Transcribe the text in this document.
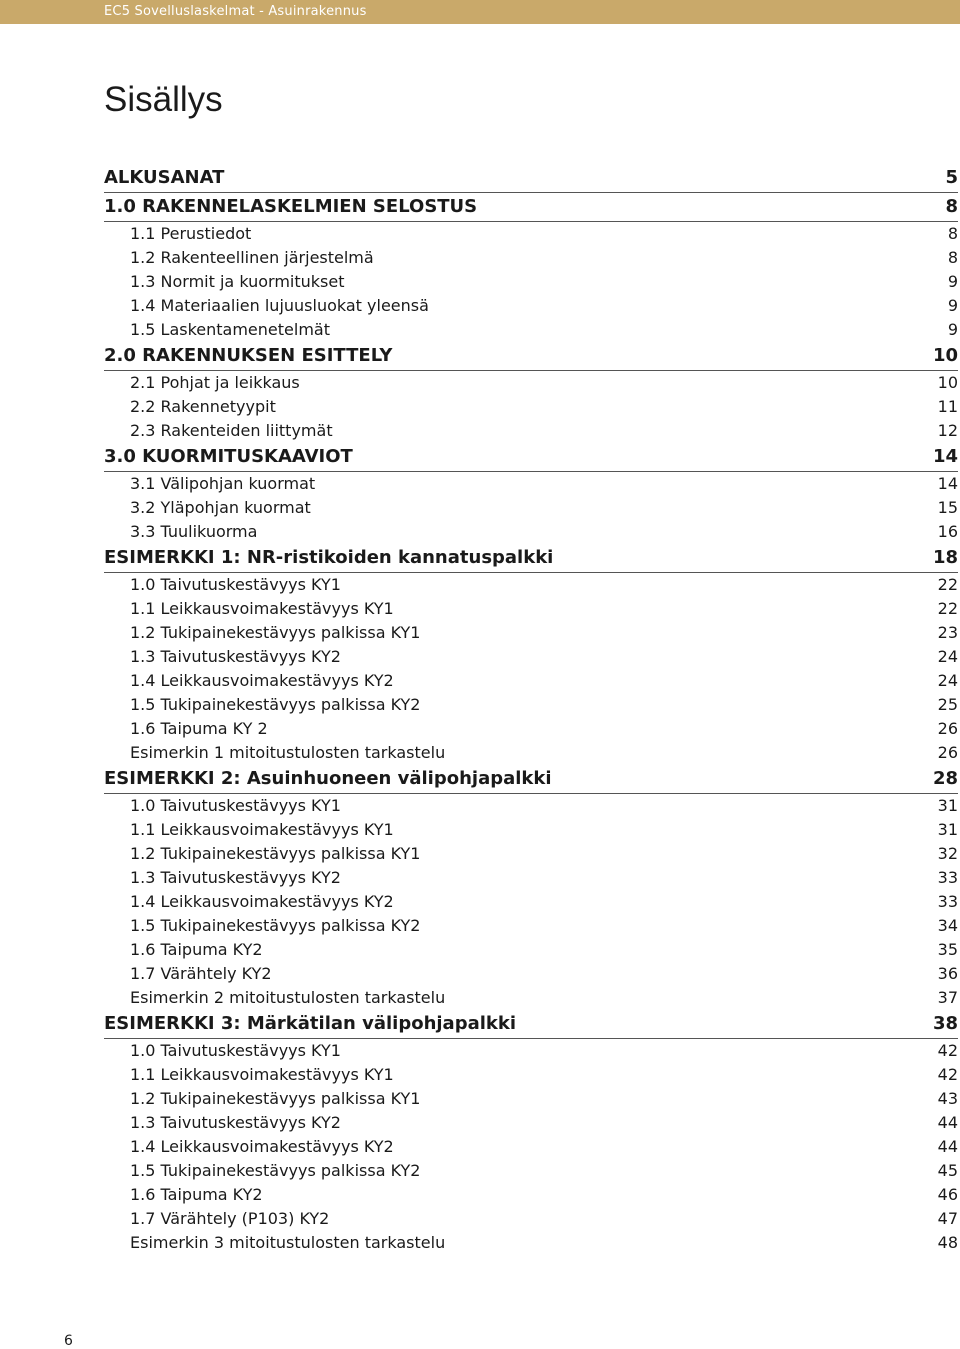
EC5 Sovelluslaskelmat - Asuinrakennus
Sisällys
ALKUSANAT	5
1.0 RAKENNELASKELMIEN SELOSTUS	8
1.1 Perustiedot	8
1.2 Rakenteellinen järjestelmä	8
1.3 Normit ja kuormitukset	9
1.4 Materiaalien lujuusluokat yleensä	9
1.5 Laskentamenetelmät	9
2.0 RAKENNUKSEN ESITTELY	10
2.1 Pohjat ja leikkaus	10
2.2 Rakennetyypit	11
2.3 Rakenteiden liittymät	12
3.0 KUORMITUSKAAVIOT	14
3.1 Välipohjan kuormat	14
3.2 Yläpohjan kuormat	15
3.3 Tuulikuorma	16
ESIMERKKI 1: NR-ristikoiden kannatuspalkki	18
1.0 Taivutuskestävyys KY1	22
1.1 Leikkausvoimakestävyys KY1	22
1.2 Tukipainekestävyys palkissa KY1	23
1.3 Taivutuskestävyys KY2	24
1.4 Leikkausvoimakestävyys KY2	24
1.5 Tukipainekestävyys palkissa KY2	25
1.6 Taipuma KY 2	26
Esimerkin 1 mitoitustulosten tarkastelu	26
ESIMERKKI 2: Asuinhuoneen välipohjapalkki	28
1.0 Taivutuskestävyys KY1	31
1.1 Leikkausvoimakestävyys KY1	31
1.2 Tukipainekestävyys palkissa KY1	32
1.3 Taivutuskestävyys KY2	33
1.4 Leikkausvoimakestävyys KY2	33
1.5 Tukipainekestävyys palkissa KY2	34
1.6 Taipuma KY2	35
1.7 Värähtely KY2	36
Esimerkin 2 mitoitustulosten tarkastelu	37
ESIMERKKI 3: Märkätilan välipohjapalkki	38
1.0 Taivutuskestävyys KY1	42
1.1 Leikkausvoimakestävyys KY1	42
1.2 Tukipainekestävyys palkissa KY1	43
1.3 Taivutuskestävyys KY2	44
1.4 Leikkausvoimakestävyys KY2	44
1.5 Tukipainekestävyys palkissa KY2	45
1.6 Taipuma KY2	46
1.7 Värähtely (P103) KY2	47
Esimerkin 3 mitoitustulosten tarkastelu	48
6
